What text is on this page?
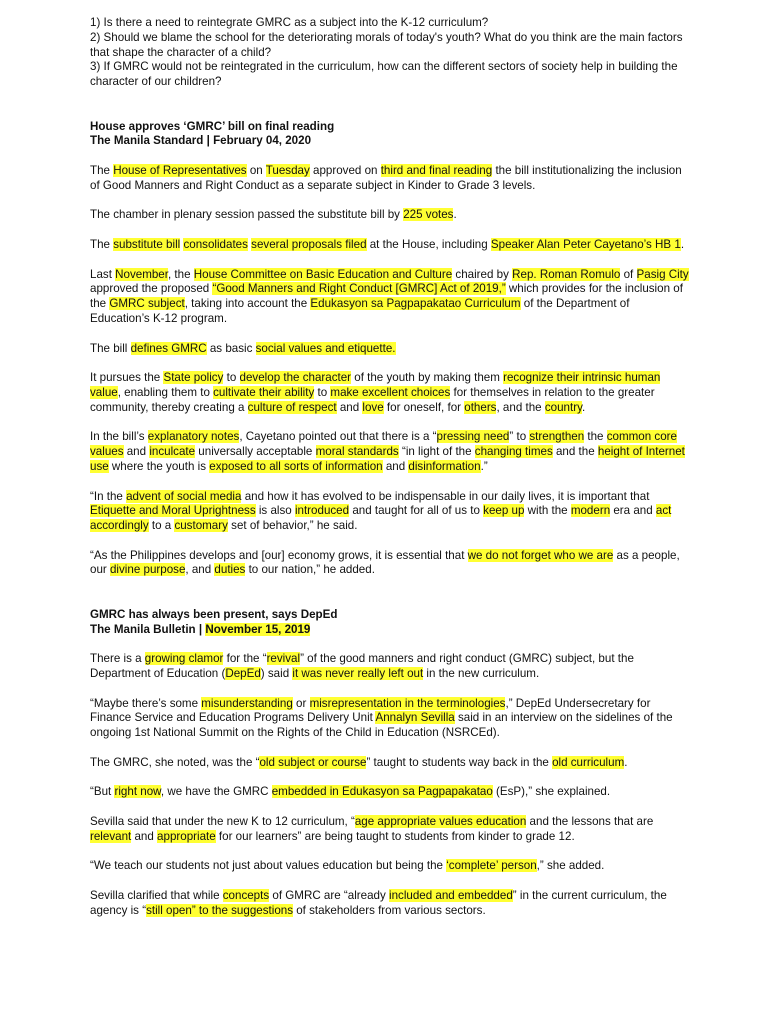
1) Is there a need to reintegrate GMRC as a subject into the K-12 curriculum?

2) Should we blame the school for the deteriorating morals of today's youth? What do you think are the main factors that shape the character of a child?

3) If GMRC would not be reintegrated in the curriculum, how can the different sectors of society help in building the character of our children?

House approves ‘GMRC’ bill on final reading

The Manila Standard | February 04, 2020

The House of Representatives on Tuesday approved on third and final reading the bill institutionalizing the inclusion of Good Manners and Right Conduct as a separate subject in Kinder to Grade 3 levels.

The chamber in plenary session passed the substitute bill by 225 votes.

The substitute bill consolidates several proposals filed at the House, including Speaker Alan Peter Cayetano’s HB 1.

Last November, the House Committee on Basic Education and Culture chaired by Rep. Roman Romulo of Pasig City approved the proposed “Good Manners and Right Conduct [GMRC] Act of 2019,” which provides for the inclusion of the GMRC subject, taking into account the Edukasyon sa Pagpapakatao Curriculum of the Department of Education’s K-12 program.

The bill defines GMRC as basic social values and etiquette.

It pursues the State policy to develop the character of the youth by making them recognize their intrinsic human value, enabling them to cultivate their ability to make excellent choices for themselves in relation to the greater community, thereby creating a culture of respect and love for oneself, for others, and the country.

In the bill’s explanatory notes, Cayetano pointed out that there is a “pressing need” to strengthen the common core values and inculcate universally acceptable moral standards “in light of the changing times and the height of Internet use where the youth is exposed to all sorts of information and disinformation.”

“In the advent of social media and how it has evolved to be indispensable in our daily lives, it is important that Etiquette and Moral Uprightness is also introduced and taught for all of us to keep up with the modern era and act accordingly to a customary set of behavior,” he said.

“As the Philippines develops and [our] economy grows, it is essential that we do not forget who we are as a people, our divine purpose, and duties to our nation,” he added.

GMRC has always been present, says DepEd

The Manila Bulletin | November 15, 2019

There is a growing clamor for the “revival” of the good manners and right conduct (GMRC) subject, but the Department of Education (DepEd) said it was never really left out in the new curriculum.

“Maybe there’s some misunderstanding or misrepresentation in the terminologies,” DepEd Undersecretary for Finance Service and Education Programs Delivery Unit Annalyn Sevilla said in an interview on the sidelines of the ongoing 1st National Summit on the Rights of the Child in Education (NSRCEd).

The GMRC, she noted, was the “old subject or course” taught to students way back in the old curriculum.

“But right now, we have the GMRC embedded in Edukasyon sa Pagpapakatao (EsP),” she explained.

Sevilla said that under the new K to 12 curriculum, “age appropriate values education and the lessons that are relevant and appropriate for our learners” are being taught to students from kinder to grade 12.

“We teach our students not just about values education but being the ‘complete’ person,” she added.

Sevilla clarified that while concepts of GMRC are “already included and embedded” in the current curriculum, the agency is “still open” to the suggestions of stakeholders from various sectors.
